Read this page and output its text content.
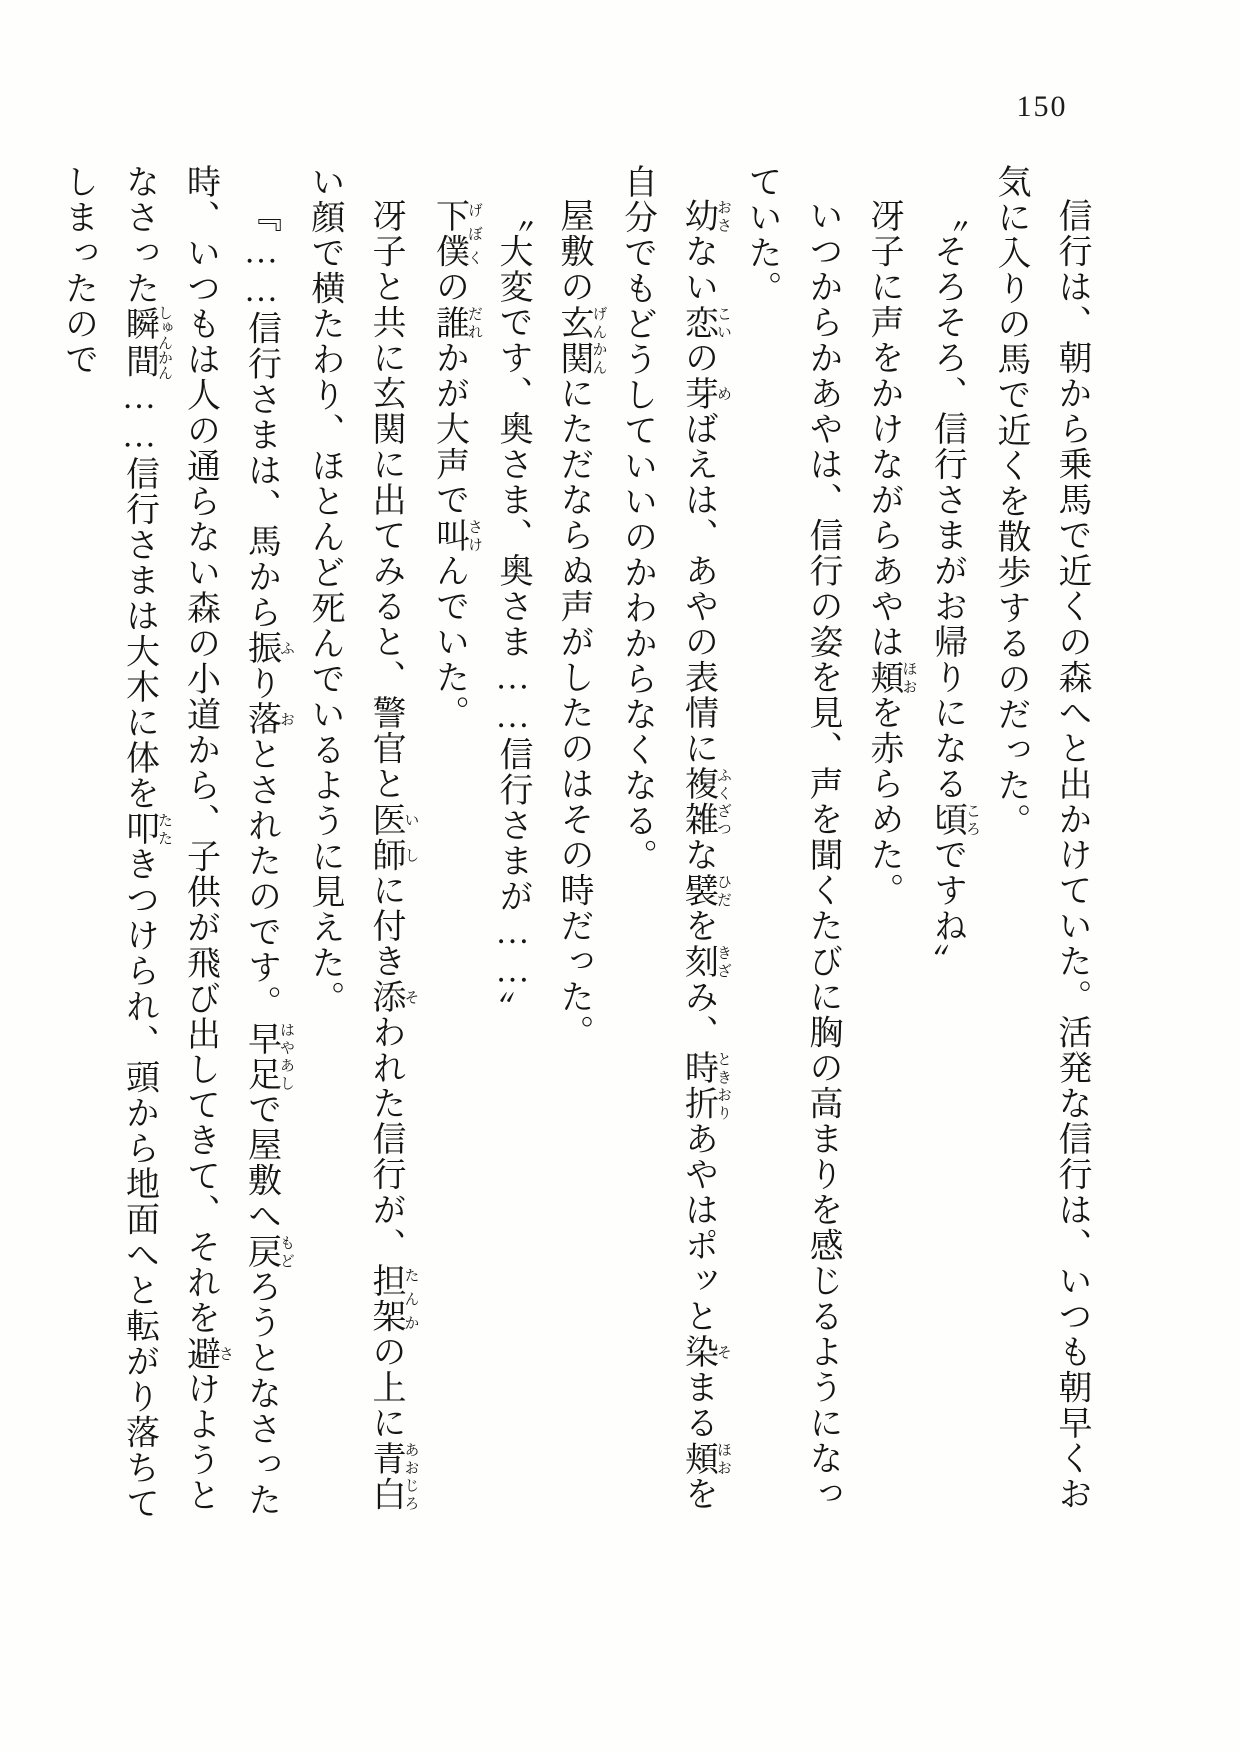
150

信行は、朝から乗馬で近くの森へと出かけていた。活発な信行は、いつも朝早くお気に入りの馬で近くを散歩するのだった。

〝そろそろ、信行さまがお帰りになる頃ころですね〟

冴子に声をかけながらあやは頬ほおを赤らめた。

いつからかあやは、信行の姿を見、声を聞くたびに胸の高まりを感じるようになっていた。

幼おさない恋こいの芽めばえは、あやの表情に複雑ふくざつな襞ひだを刻きざみ、時折ときおりあやはポッと染そまる頬ほおを自分でもどうしていいのかわからなくなる。

屋敷の玄関げんかんにただならぬ声がしたのはその時だった。

〝大変です、奥さま、奥さま……信行さまが……〟

下僕げぼくの誰だれかが大声で叫さけんでいた。

冴子と共に玄関に出てみると、警官と医師いしに付き添そわれた信行が、担架たんかの上に青白あおじろい顔で横たわり、ほとんど死んでいるように見えた。

『……信行さまは、馬から振ふり落おとされたのです。早足はやあしで屋敷へ戻もどろうとなさった時、いつもは人の通らない森の小道から、子供が飛び出してきて、それを避さけようとなさった瞬間しゅんかん……信行さまは大木に体を叩たたきつけられ、頭から地面へと転がり落ちてしまったので
